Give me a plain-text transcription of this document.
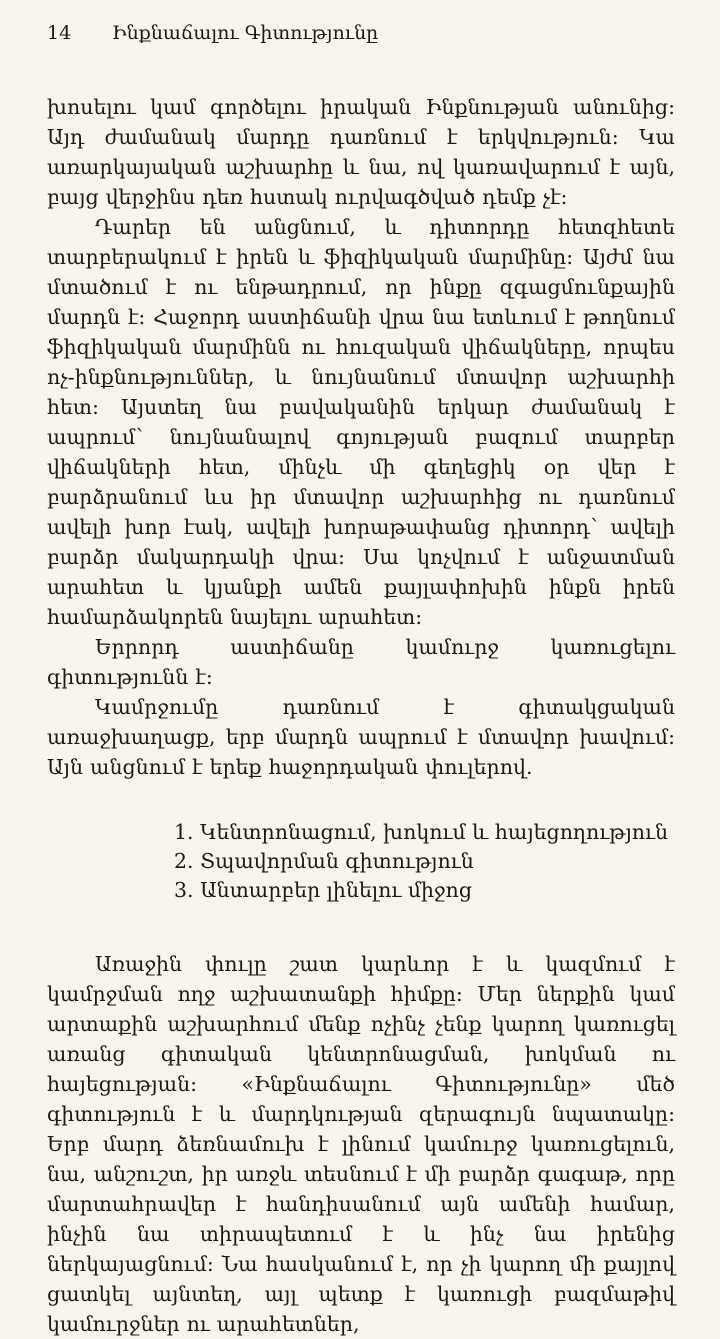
14 Ինքնաճալու Գիտությունը

խոսելու կամ գործելու իրական Ինքնության անունից: Այդ ժամանակ մարդը դառնում է երկվություն: Կա առարկայական աշխարհը և նա, ով կառավարում է այն, բայց վերջինս դեռ հստակ ուրվագծված դեմք չէ:

Դարեր են անցնում, և դիտորդը հետզհետե տարբերակում է իրեն և ֆիզիկական մարմինը: Այժմ նա մտածում է ու ենթադրում, որ ինքը զգացմունքային մարդն է: Հաջորդ աստիճանի վրա նա ետևում է թողնում ֆիզիկական մարմինն ու հուզական վիճակները, որպես ոչ-ինքնություններ, և նույնանում մտավոր աշխարհի հետ: Այստեղ նա բավականին երկար ժամանակ է ապրում՝ նույնանալով գոյության բազում տարբեր վիճակների հետ, մինչև մի գեղեցիկ օր վեր է բարձրանում ևս իր մտավոր աշխարհից ու դառնում ավելի խոր էակ, ավելի խորաթափանց դիտորդ՝ ավելի բարձր մակարդակի վրա: Սա կոչվում է անջատման արահետ և կյանքի ամեն քայլափոխին ինքն իրեն համարձակորեն նայելու արահետ:

Երրորդ աստիճանը կամուրջ կառուցելու գիտությունն է:

Կամրջումը դառնում է գիտակցական առաջխաղացք, երբ մարդն ապրում է մտավոր խավում: Այն անցնում է երեք հաջորդական փուլերով.

1. Կենտրոնացում, խոկում և հայեցողություն
2. Տպավորման գիտություն
3. Անտարբեր լինելու միջոց

Առաջին փուլը շատ կարևոր է և կազմում է կամրջման ողջ աշխատանքի հիմքը: Մեր ներքին կամ արտաքին աշխարհում մենք ոչինչ չենք կարող կառուցել առանց գիտական կենտրոնացման, խոկման ու հայեցության: «Ինքնաճալու Գիտությունը» մեծ գիտություն է և մարդկության զերագույն նպատակը: Երբ մարդ ձեռնամուխ է լինում կամուրջ կառուցելուն, նա, անշուշտ, իր առջև տեսնում է մի բարձր գագաթ, որը մարտահրավեր է հանդիսանում այն ամենի համար, ինչին նա տիրապետում է և ինչ նա իրենից ներկայացնում: Նա հասկանում է, որ չի կարող մի քայլով ցատկել այնտեղ, այլ պետք է կառուցի բազմաթիվ կամուրջներ ու արահետներ,
